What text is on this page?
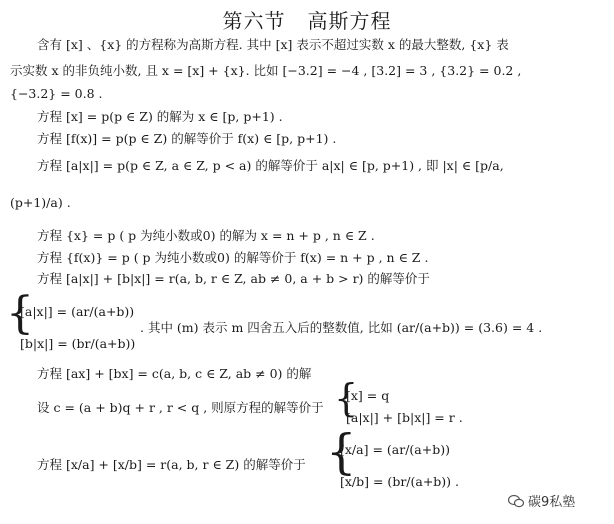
第六节   高斯方程
含有 [x] 、{x} 的方程称为高斯方程. 其中 [x] 表示不超过实数 x 的最大整数, {x} 表
示实数 x 的非负纯小数, 且 x = [x] + {x}. 比如 [−3.2] = −4 , [3.2] = 3 , {3.2} = 0.2 ,
{−3.2} = 0.8 .
方程 [x] = p(p ∈ Z) 的解为 x ∈ [p, p+1) .
方程 [f(x)] = p(p ∈ Z) 的解等价于 f(x) ∈ [p, p+1) .
方程 [a|x|] = p(p ∈ Z, a ∈ Z, p < a) 的解等价于 a|x| ∈ [p, p+1) , 即 |x| ∈ [p/a,
(p+1)/a) .
方程 {x} = p ( p 为纯小数或0) 的解为 x = n + p , n ∈ Z .
方程 {f(x)} = p ( p 为纯小数或0) 的解等价于 f(x) = n + p , n ∈ Z .
方程 [a|x|] + [b|x|] = r(a, b, r ∈ Z, ab ≠ 0, a + b > r) 的解等价于
{
[a|x|] = (ar/(a+b))
[b|x|] = (br/(a+b))
. 其中 (m) 表示 m 四舍五入后的整数值, 比如 (ar/(a+b)) = (3.6) = 4 .
方程 [ax] + [bx] = c(a, b, c ∈ Z, ab ≠ 0) 的解
设 c = (a + b)q + r , r < q , 则原方程的解等价于 {
[x] = q
[a|x|] + [b|x|] = r .
方程 [x/a] + [x/b] = r(a, b, r ∈ Z) 的解等价于 {
[x/a] = (ar/(a+b))
[x/b] = (br/(a+b)) .
碳9私塾
